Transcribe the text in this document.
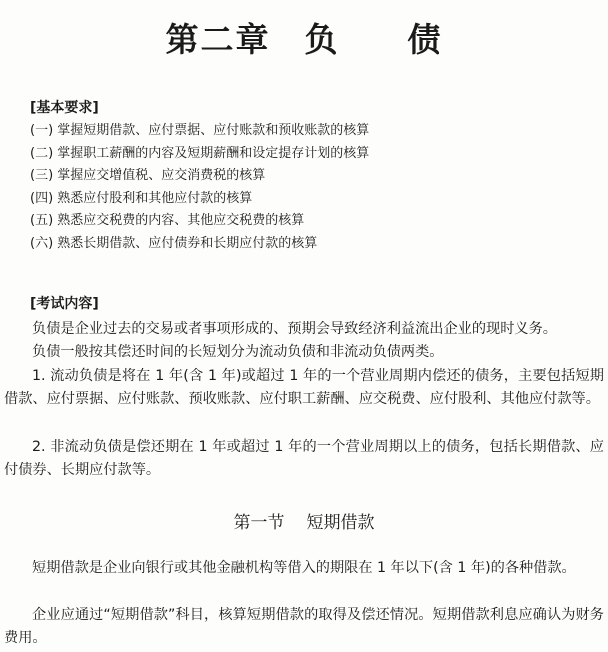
第二章 负 债

[基本要求]

(一) 掌握短期借款、应付票据、应付账款和预收账款的核算
(二) 掌握职工薪酬的内容及短期薪酬和设定提存计划的核算
(三) 掌握应交增值税、应交消费税的核算
(四) 熟悉应付股利和其他应付款的核算
(五) 熟悉应交税费的内容、其他应交税费的核算
(六) 熟悉长期借款、应付债券和长期应付款的核算

[考试内容]

负债是企业过去的交易或者事项形成的、预期会导致经济利益流出企业的现时义务。

负债一般按其偿还时间的长短划分为流动负债和非流动负债两类。

1. 流动负债是将在 1 年(含 1 年)或超过 1 年的一个营业周期内偿还的债务，主要包括短期借款、应付票据、应付账款、预收账款、应付职工薪酬、应交税费、应付股利、其他应付款等。

2. 非流动负债是偿还期在 1 年或超过 1 年的一个营业周期以上的债务，包括长期借款、应付债券、长期应付款等。

第一节 短期借款

短期借款是企业向银行或其他金融机构等借入的期限在 1 年以下(含 1 年)的各种借款。

企业应通过“短期借款”科目，核算短期借款的取得及偿还情况。短期借款利息应确认为财务费用。
